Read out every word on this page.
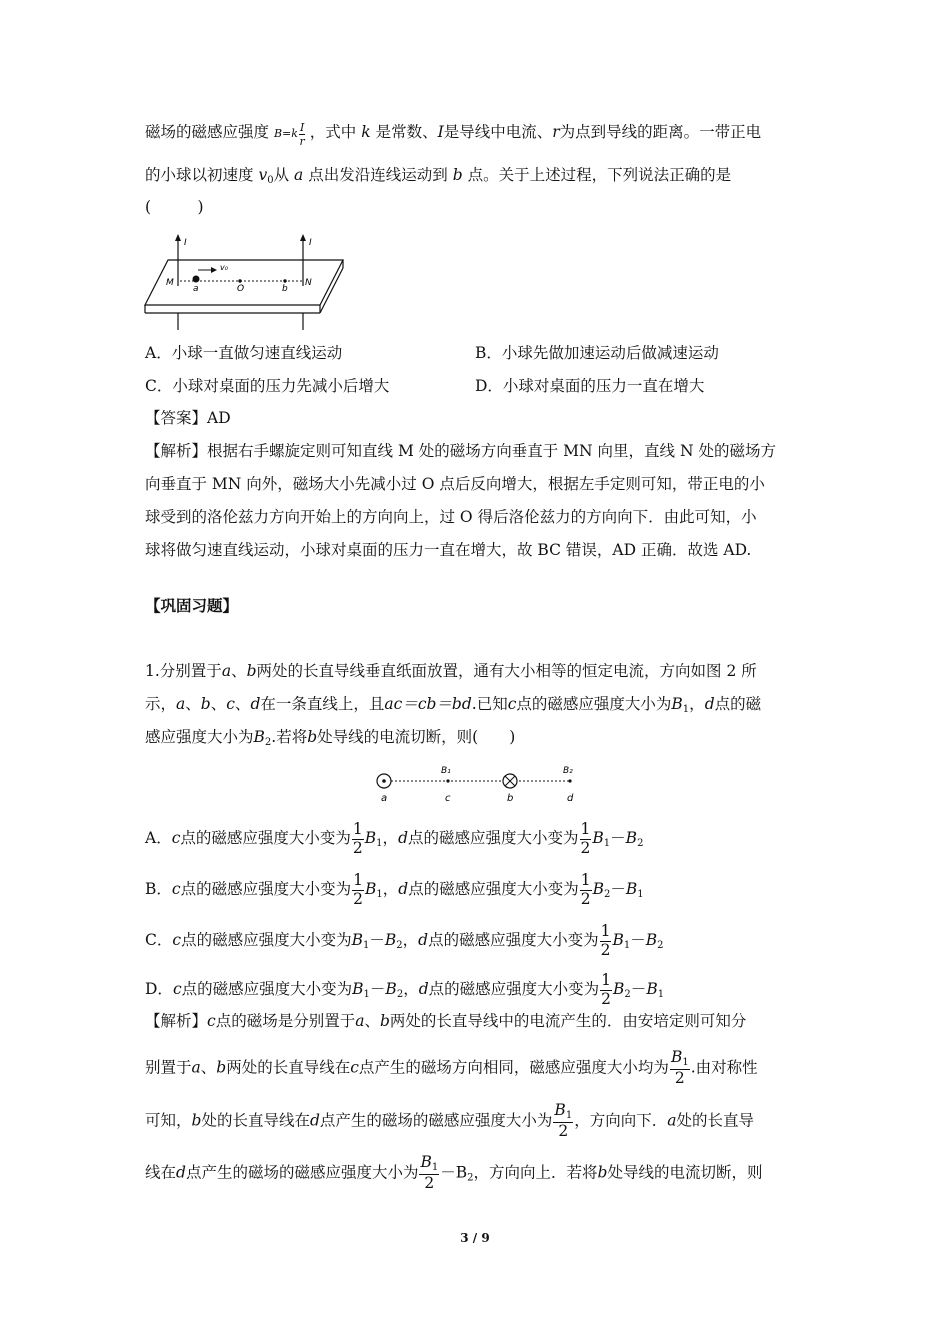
磁场的磁感应强度 $B=k \frac{I}{r}$ ，式中 k 是常数、I是导线中电流、r为点到导线的距离。一带正电
的小球以初速度 $v_0$从 a 点出发沿连线运动到 b 点。关于上述过程，下列说法正确的是
(　　　)
I	I
v₀
M	N
a	O	b
A．小球一直做匀速直线运动	B．小球先做加速运动后做减速运动
C．小球对桌面的压力先减小后增大	D．小球对桌面的压力一直在增大
【答案】AD
【解析】根据右手螺旋定则可知直线 M 处的磁场方向垂直于 MN 向里，直线 N 处的磁场方
向垂直于 MN 向外，磁场大小先减小过 O 点后反向增大，根据左手定则可知，带正电的小
球受到的洛伦兹力方向开始上的方向向上，过 O 得后洛伦兹力的方向向下．由此可知，小
球将做匀速直线运动，小球对桌面的压力一直在增大，故 BC 错误，AD 正确．故选 AD.
【巩固习题】
1.分别置于a、b两处的长直导线垂直纸面放置，通有大小相等的恒定电流，方向如图 2 所
示，a、b、c、d在一条直线上，且ac＝cb＝bd.已知c点的磁感应强度大小为$B_1$，d点的磁
感应强度大小为$B_2$.若将b处导线的电流切断，则(　　)
B₁	B₂
a	c	b	d
A．c点的磁感应强度大小变为 $\frac{1}{2} B_1$，d点的磁感应强度大小变为 $\frac{1}{2} B_1-B_2$
B．c点的磁感应强度大小变为 $\frac{1}{2} B_1$，d点的磁感应强度大小变为 $\frac{1}{2} B_2-B_1$
C．c点的磁感应强度大小变为$B_1-B_2$，d点的磁感应强度大小变为 $\frac{1}{2} B_1-B_2$
D．c点的磁感应强度大小变为$B_1-B_2$，d点的磁感应强度大小变为 $\frac{1}{2} B_2-B_1$
【解析】c点的磁场是分别置于a、b两处的长直导线中的电流产生的．由安培定则可知分
别置于a、b两处的长直导线在c点产生的磁场方向相同，磁感应强度大小均为 $\frac{B_1}{2}$ .由对称性
可知，b处的长直导线在d点产生的磁场的磁感应强度大小为 $\frac{B_1}{2}$ ，方向向下．a处的长直导
线在d点产生的磁场的磁感应强度大小为 $\frac{B_1}{2} -B_2$，方向向上．若将b处导线的电流切断，则
3 / 9
